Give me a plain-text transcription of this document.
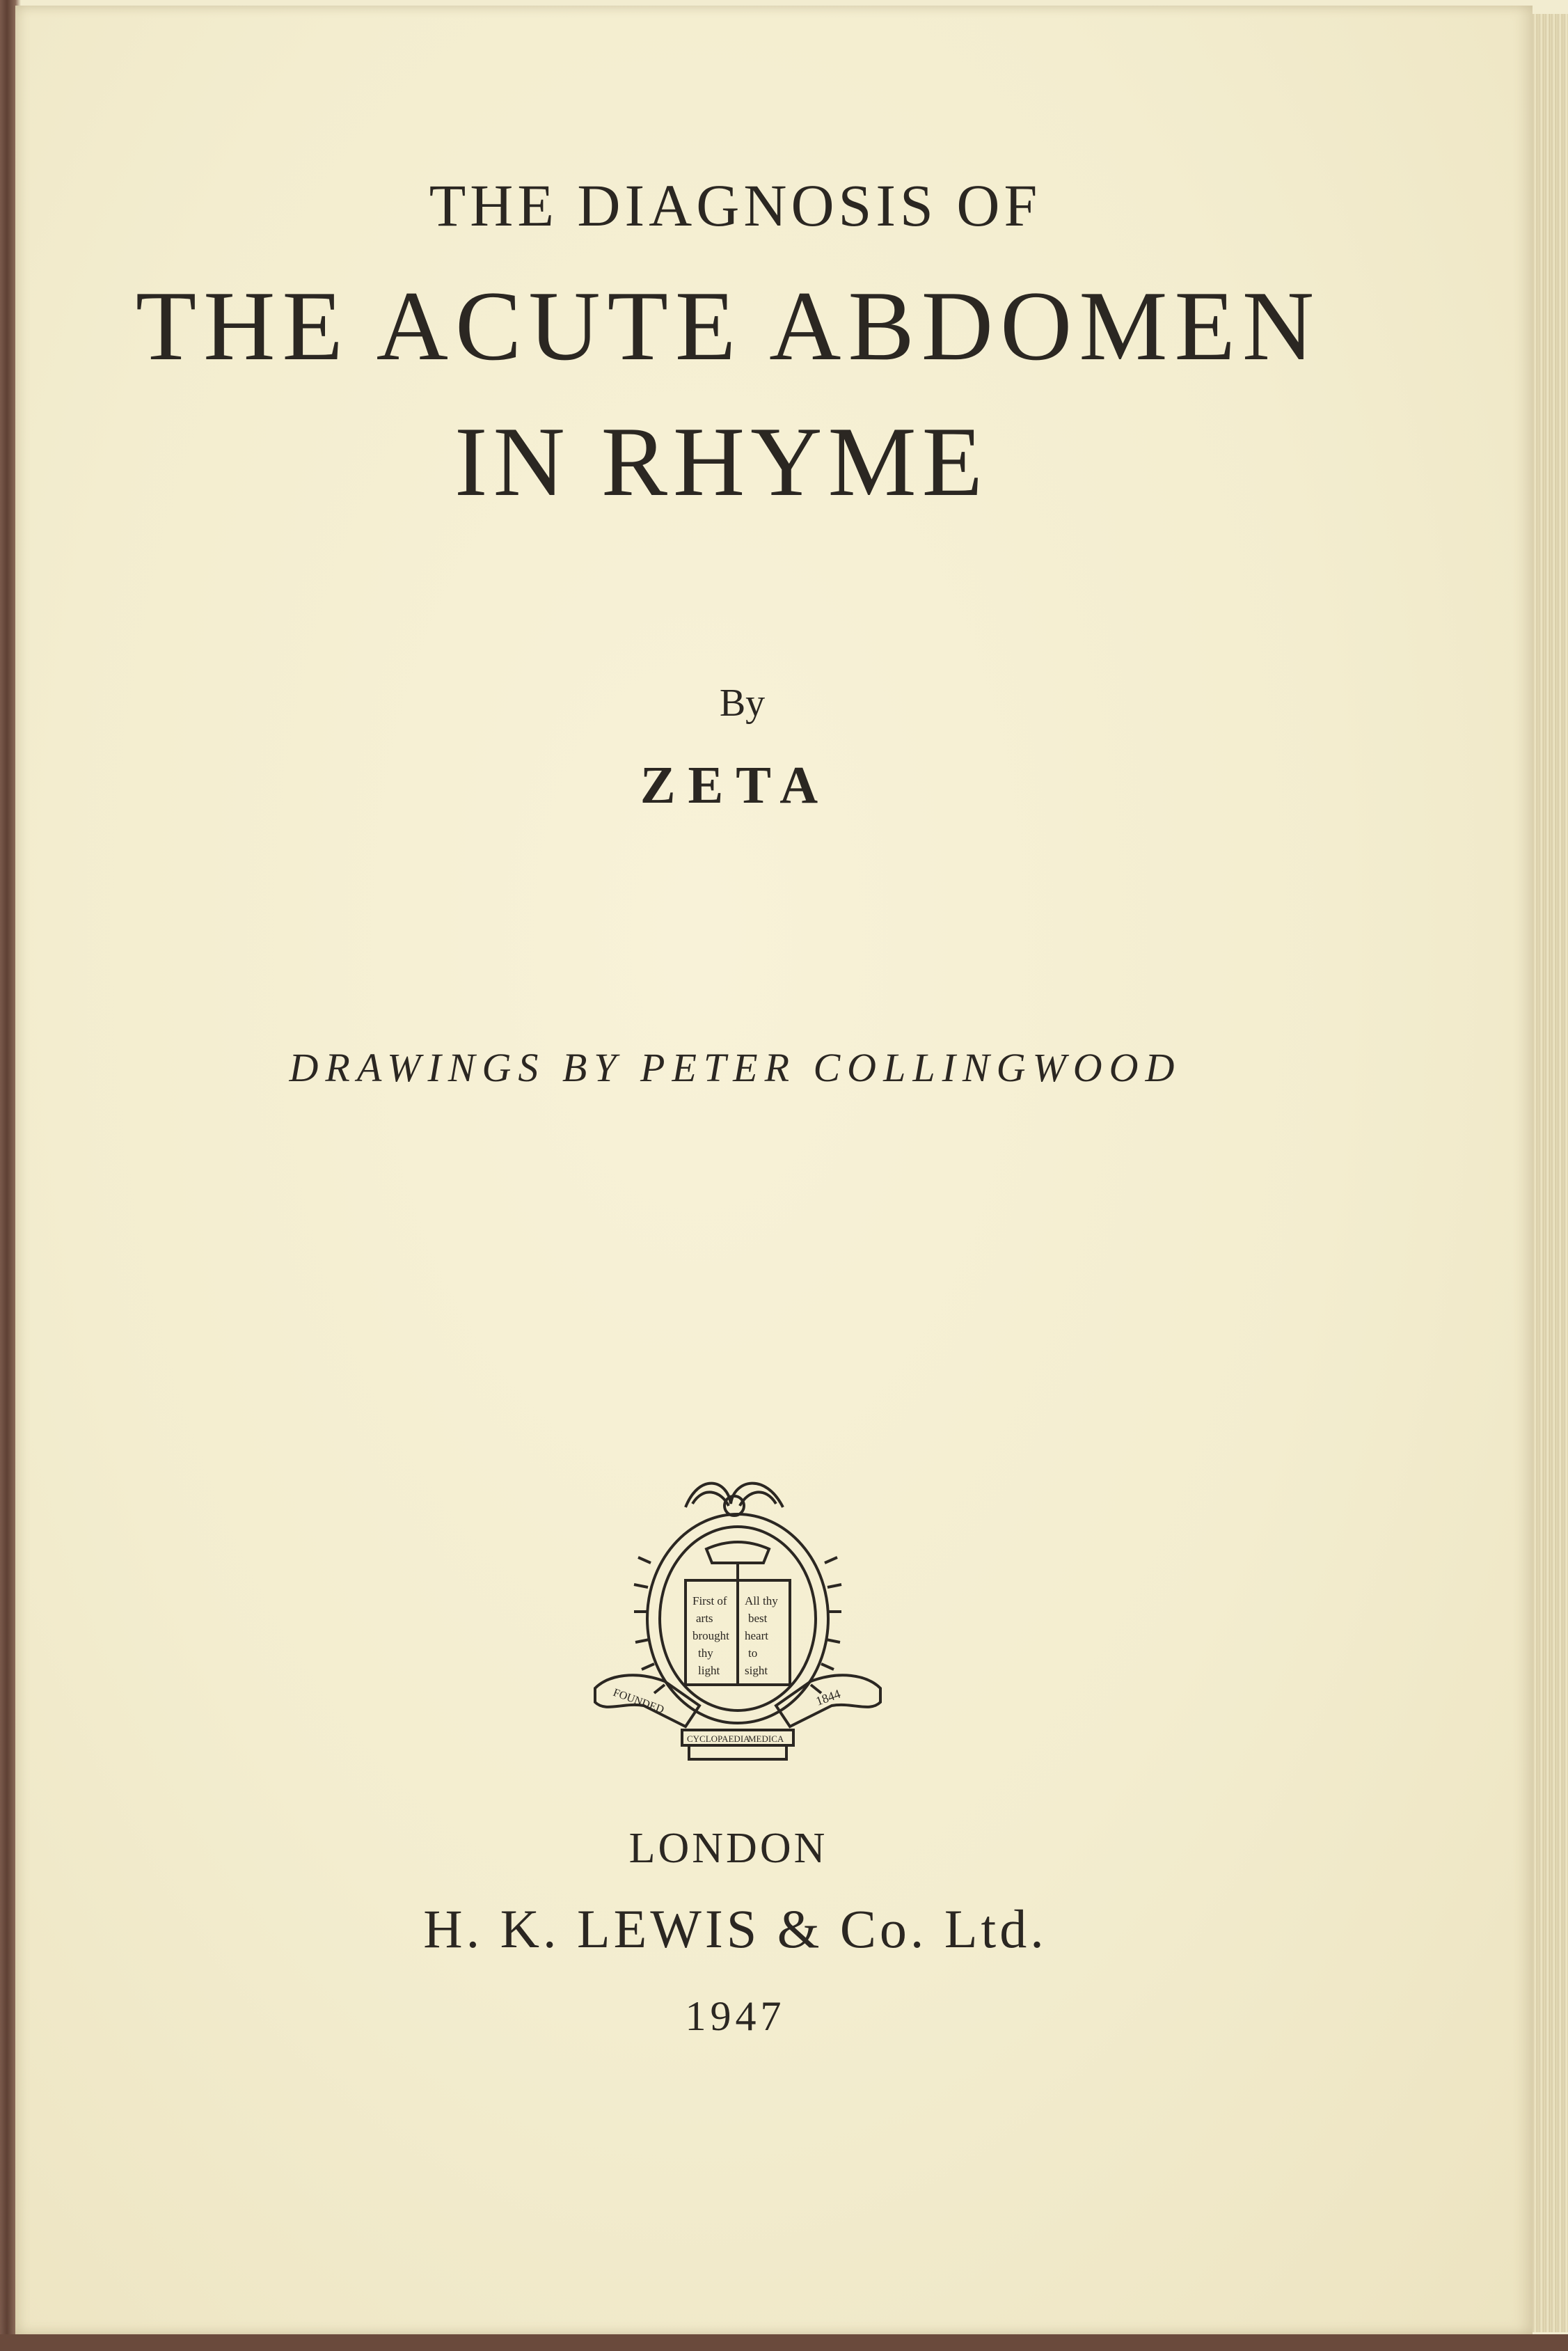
THE DIAGNOSIS OF
THE ACUTE ABDOMEN
IN RHYME
By
ZETA
DRAWINGS BY PETER COLLINGWOOD
First of
arts
brought
thy
light
All thy
best
heart
to
sight
FOUNDED	1844
CYCLOPAEDIA
MEDICA
LONDON
H. K. LEWIS & Co. Ltd.
1947
